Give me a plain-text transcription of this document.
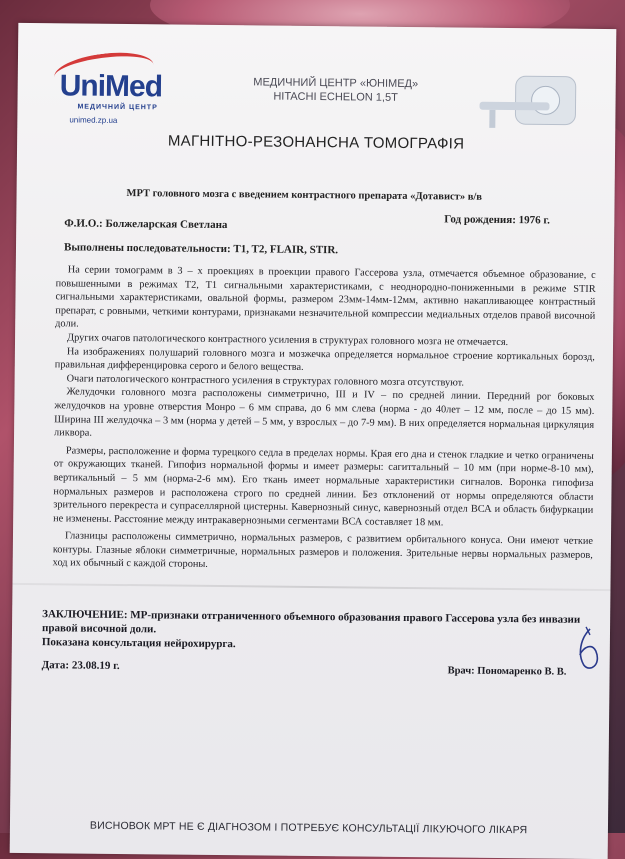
UniMed
МЕДИЧНИЙ ЦЕНТР
unimed.zp.ua
МЕДИЧНИЙ ЦЕНТР «ЮНІМЕД»
HITACHI ECHELON 1,5T
МАГНІТНО-РЕЗОНАНСНА ТОМОГРАФІЯ
МРТ головного мозга с введением контрастного препарата «Дотавист» в/в
Год рождения: 1976 г.
Ф.И.О.: Болжеларская Светлана
Выполнены последовательности: T1, T2, FLAIR, STIR.

На серии томограмм в 3 – х проекциях в проекции правого Гассерова узла, отмечается объемное образование, с повышенными в режимах T2, T1 сигнальными характеристиками, с неоднородно-пониженными в режиме STIR сигнальными характеристиками, овальной формы, размером 23мм-14мм-12мм, активно накапливающее контрастный препарат, с ровными, четкими контурами, признаками незначительной компрессии медиальных отделов правой височной доли.

Других очагов патологического контрастного усиления в структурах головного мозга не отмечается.

На изображениях полушарий головного мозга и мозжечка определяется нормальное строение кортикальных борозд, правильная дифференцировка серого и белого вещества.

Очаги патологического контрастного усиления в структурах головного мозга отсутствуют.

Желудочки головного мозга расположены симметрично, III и IV – по средней линии. Передний рог боковых желудочков на уровне отверстия Монро – 6 мм справа, до 6 мм слева (норма - до 40лет – 12 мм, после – до 15 мм). Ширина III желудочка – 3 мм (норма у детей – 5 мм, у взрослых – до 7-9 мм). В них определяется нормальная циркуляция ликвора.

Размеры, расположение и форма турецкого седла в пределах нормы. Края его дна и стенок гладкие и четко ограничены от окружающих тканей. Гипофиз нормальной формы и имеет размеры: сагиттальный – 10 мм (при норме-8-10 мм), вертикальный – 5 мм (норма-2-6 мм). Его ткань имеет нормальные характеристики сигналов. Воронка гипофиза нормальных размеров и расположена строго по средней линии. Без отклонений от нормы определяются области зрительного перекреста и супраселлярной цистерны. Кавернозный синус, кавернозный отдел ВСА и область бифуркации не изменены. Расстояние между интракавернозными сегментами ВСА составляет 18 мм.

Глазницы расположены симметрично, нормальных размеров, с развитием орбитального конуса. Они имеют четкие контуры. Глазные яблоки симметричные, нормальных размеров и положения. Зрительные нервы нормальных размеров, ход их обычный с каждой стороны.

ЗАКЛЮЧЕНИЕ: МР-признаки отграниченного объемного образования правого Гассерова узла без инвазии правой височной доли.
Показана консультация нейрохирурга.
Дата: 23.08.19 г.	Врач: Пономаренко В. В.
ВИСНОВОК МРТ НЕ Є ДІАГНОЗОМ І ПОТРЕБУЄ КОНСУЛЬТАЦІЇ ЛІКУЮЧОГО ЛІКАРЯ
